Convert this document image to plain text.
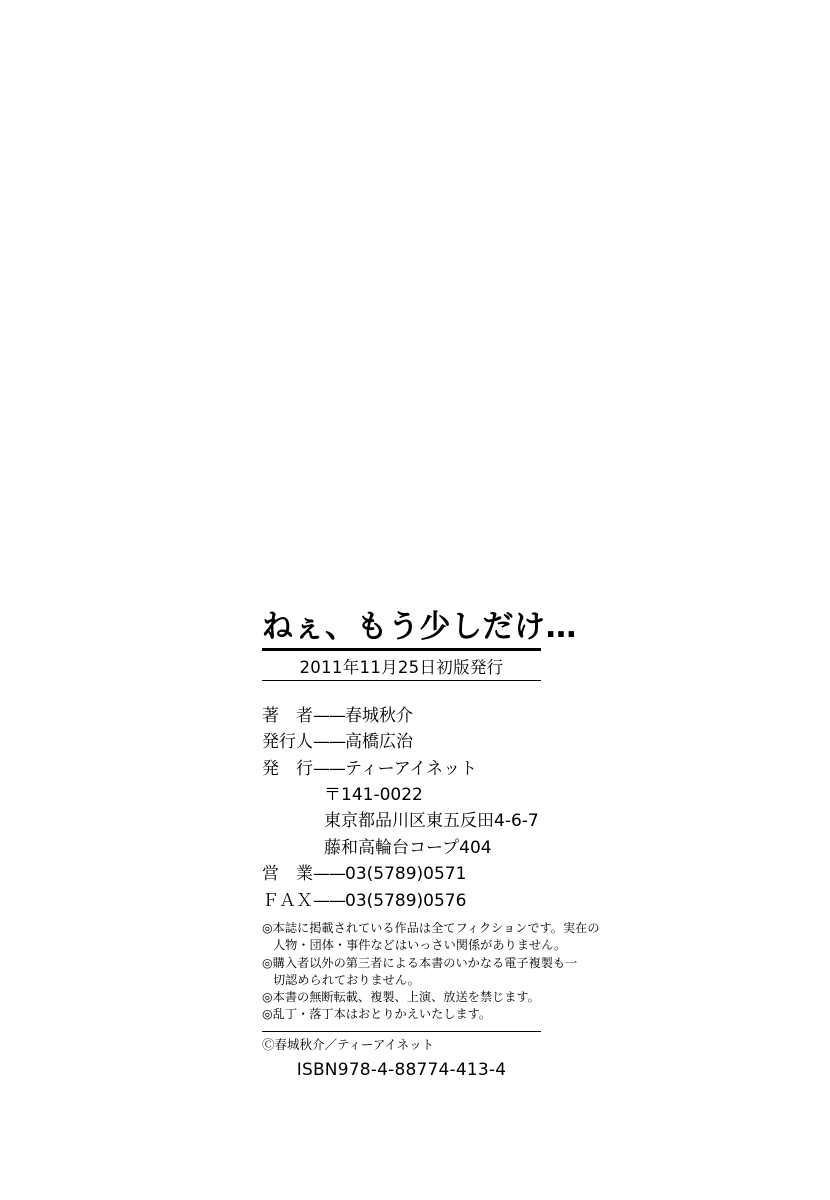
ねぇ、もう少しだけ…
2011年11月25日初版発行
著　者——春城秋介
発行人——高橋広治
発　行——ティーアイネット
〒141-0022
東京都品川区東五反田4-6-7
藤和高輪台コープ404
営　業——03(5789)0571
ＦＡＸ——03(5789)0576
◎本誌に掲載されている作品は全てフィクションです。実在の
人物・団体・事件などはいっさい関係がありません。
◎購入者以外の第三者による本書のいかなる電子複製も一
切認められておりません。
◎本書の無断転載、複製、上演、放送を禁じます。
◎乱丁・落丁本はおとりかえいたします。
Ⓒ春城秋介／ティーアイネット
ISBN978-4-88774-413-4
